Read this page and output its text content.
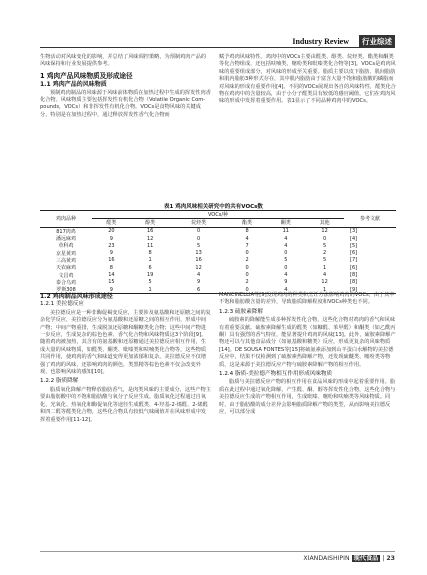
Industry Review	行业综述

生物活动对风味变化的影响，并总结了风味调控策略，为预制鸡肉产品的风味保持和行业发展提供参考。

1 鸡肉产品风味物质及形成途径
1.1 鸡肉产品的风味物质

预制鸡肉制品的风味源于风味前体物质在加热过程中生成的挥发性肉香化合物。风味物质主要包括挥发性有机化合物（Volatile Organic Com-pounds，VOCs）和非挥发性有机化合物。VOCs是食物风味的关键成分，特别是在加热过程中，通过释放挥发性香气化合物而

赋予鸡肉风味特性。鸡肉中的VOCs主要由醛类、醇类、烷烃类、酯类和酮类等化合物组成，还包括呋喃类、噻吩类和吡嗪类化合物等[3]。VOCs是鸡肉风味的重要组成部分，对风味的形成至关重要。脂质主要以皮下脂肪、肌间脂肪和肌内脂肪3种形式存在，其中肌内脂肪由于富含大量不饱和脂肪酸的磷脂而对风味的形成有重要作用[4]。不同的VOCs展现出各自的风味特性，醛类化合物在鸡肉中的含量较高，由于小分子醛类具有较低的感官阈值，它们在鸡肉风味的形成中发挥着重要作用。表1显示了不同品种鸡肉中的VOCs。

表1 鸡肉风味相关研究中的共有VOCs数
鸡肉品种	VOCs/种						参考文献
	醛类	醇类	烷烃类	酯类	酮类	其他	
817肉鸡	20	16	0	8	11	12	[3]
潘远麻鸡	9	12	0	4	4	0	[4]
草科鸡	23	11	5	7	4	5	[5]
京星黄鸡	9	8	13	0	0	2	[6]
三高黄鸡	16	1	16	2	5	5	[7]
天农麻鸡	8	6	12	0	0	1	[6]
文昌鸡	14	19	4	0	4	4	[8]
泰合乌鸡	15	5	9	2	9	12	[8]
罗斯308	9	1	6	0	4	1	[9]
1.2 鸡肉制品风味形成途径
1.2.1 美拉德反应

美拉德反应是一种非酶促褐变反应，主要涉及氨基酸和还原糖之间的复杂化学反应，美拉德反应分为氨基酸和还原糖之间的相互作用，形成中间产物；中间产物重排，生成脱氢还原糖和酮糖类化合物；这些中间产物进一步反应，生成复杂的棕色色素、香气化合物和风味物质这3个阶段[9]。随着鸡肉被加热，其含有的氨基酸和还原糖通过美拉德反应相互作用，生成大量的风味物质，如醛类、酮类、吡嗪类和呋喃类化合物等，这些物质共同作用，使鸡肉的香气和味道变得更加浓郁和复杂。美拉德反应不仅增强了鸡肉的风味，还影响鸡肉的颜色，类黑精等棕色色素不仅会改变外观，也影响风味的感知[10]。

1.2.2 脂质降解

脂质氧化降解产物释放脂肪香气，是肉类风味的主要成分，这些产物主要由脂肪酸中的不饱和脂肪酸与氧分子反应生成。脂质氧化过程通过自氧化、光氧化、热氧化和酶促氧化等途径生成醛类、4-羟基-2-烯醛、2-烯醛和四二醛等醛类化合物，这些化合物具有较低气味阈值并在风味形成中发挥着重要作用[11-12]。

MANCINELLIA等[9]发现鸡肉的种类和烹饪方法影响鸡肉的VOCs，由于其中不饱和脂肪酸含量的差异，导致脂质降解程度和VOCs种类也不同。

1.2.3 硫胺素降解

硫胺素的降解能生成多种挥发性化合物，这些化合物对鸡肉的香气和风味有着重要贡献。硫胺素降解生成的醛类（如糠醛、苯甲醛）和酮类（如乙酰丙酮）具有强烈的香气特征，能显著提升鸡肉的风味[13]。此外，硫胺素降解产物还可以与其他食品成分（如氨基酸和糖类）反应，形成更复杂的风味物质[14]。DE SOUSA FONTES等[15]将硫氨素添加到山羊蛋白水解物的美拉德反应中，结果不仅检测到了硫胺素热降解产物，还发现硫醚类、噻吩类等物质，这是来源于美拉德反应产物与硫胺素降解产物的相互作用。

1.2.4 脂质-美拉德产物相互作用形成风味物质

脂质与美拉德反应产物的相互作用在食品风味的形成中起着重要作用。脂质在此过程中通过氧化降解，产生醛、酮、醇等挥发性化合物，这些化合物与美拉德反应生成的产物相互作用，生成吡嗪、噻吩和呋喃类等风味物质。同时，由于脂肪酸的成分差异会影响脂质降解产物的类型，从而影响美拉德反应，可以部分成

XIANDAISHIPIN 现代食品 | 23
